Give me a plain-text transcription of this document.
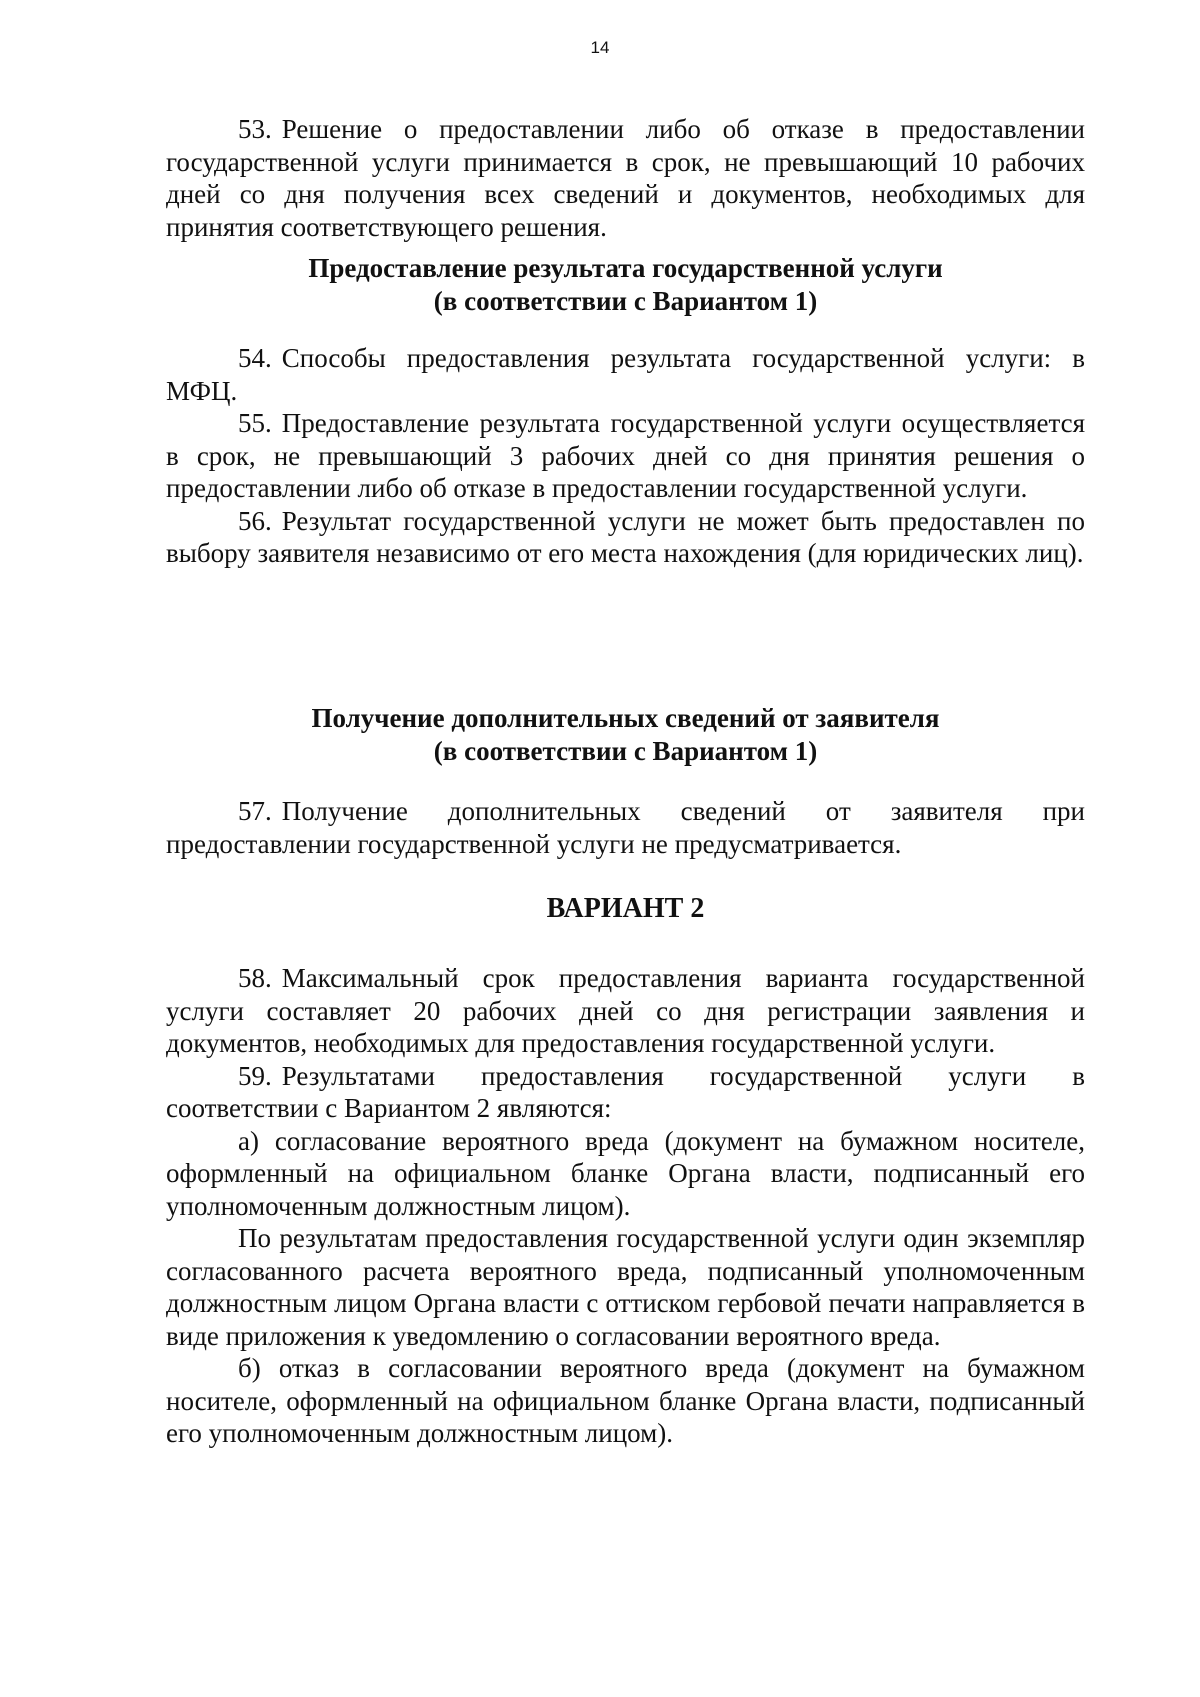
14

53. Решение о предоставлении либо об отказе в предоставлении государственной услуги принимается в срок, не превышающий 10 рабочих дней со дня получения всех сведений и документов, необходимых для принятия соответствующего решения.

Предоставление результата государственной услуги

(в соответствии с Вариантом 1)

54. Способы предоставления результата государственной услуги: в МФЦ.

55. Предоставление результата государственной услуги осуществляется в срок, не превышающий 3 рабочих дней со дня принятия решения о предоставлении либо об отказе в предоставлении государственной услуги.

56. Результат государственной услуги не может быть предоставлен по выбору заявителя независимо от его места нахождения (для юридических лиц).

Получение дополнительных сведений от заявителя

(в соответствии с Вариантом 1)

57. Получение дополнительных сведений от заявителя при предоставлении государственной услуги не предусматривается.

ВАРИАНТ 2

58. Максимальный срок предоставления варианта государственной услуги составляет 20 рабочих дней со дня регистрации заявления и документов, необходимых для предоставления государственной услуги.

59. Результатами предоставления государственной услуги в соответствии с Вариантом 2 являются:

а) согласование вероятного вреда (документ на бумажном носителе, оформленный на официальном бланке Органа власти, подписанный его уполномоченным должностным лицом).

По результатам предоставления государственной услуги один экземпляр согласованного расчета вероятного вреда, подписанный уполномоченным должностным лицом Органа власти с оттиском гербовой печати направляется в виде приложения к уведомлению о согласовании вероятного вреда.

б) отказ в согласовании вероятного вреда (документ на бумажном носителе, оформленный на официальном бланке Органа власти, подписанный его уполномоченным должностным лицом).
